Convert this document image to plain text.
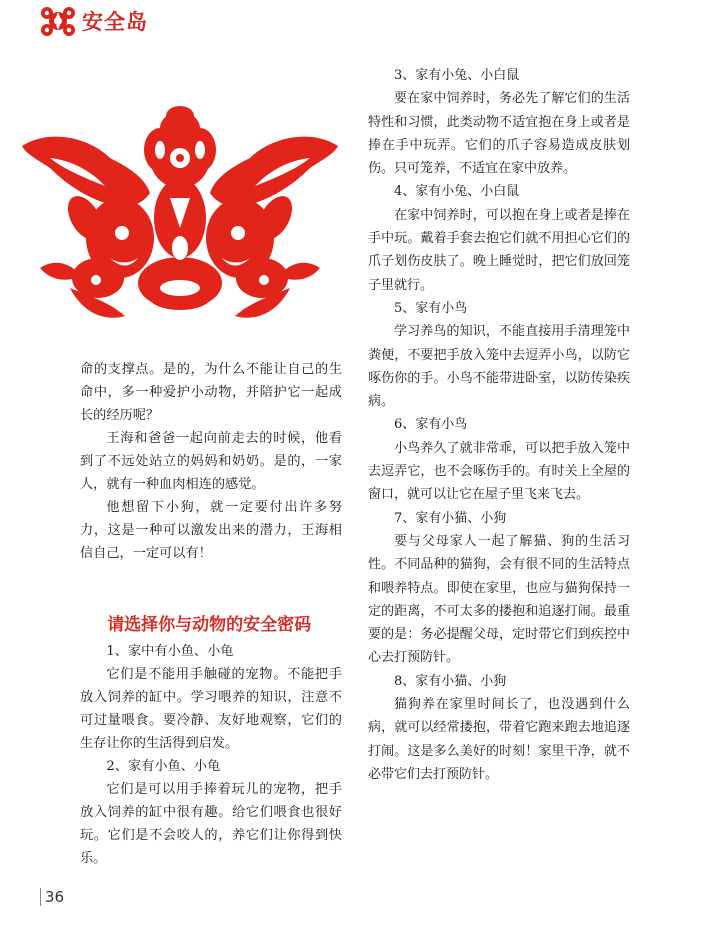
安全岛

命的支撑点。是的，为什么不能让自己的生命中，多一种爱护小动物，并陪护它一起成长的经历呢？

王海和爸爸一起向前走去的时候，他看到了不远处站立的妈妈和奶奶。是的，一家人，就有一种血肉相连的感觉。

他想留下小狗，就一定要付出许多努力，这是一种可以激发出来的潜力，王海相信自己，一定可以有！

请选择你与动物的安全密码

1、家中有小鱼、小龟

它们是不能用手触碰的宠物。不能把手放入饲养的缸中。学习喂养的知识，注意不可过量喂食。要冷静、友好地观察，它们的生存让你的生活得到启发。

2、家有小鱼、小龟

它们是可以用手捧着玩儿的宠物，把手放入饲养的缸中很有趣。给它们喂食也很好玩。它们是不会咬人的，养它们让你得到快乐。

3、家有小兔、小白鼠

要在家中饲养时，务必先了解它们的生活特性和习惯，此类动物不适宜抱在身上或者是捧在手中玩弄。它们的爪子容易造成皮肤划伤。只可笼养，不适宜在家中放养。

4、家有小兔、小白鼠

在家中饲养时，可以抱在身上或者是捧在手中玩。戴着手套去抱它们就不用担心它们的爪子划伤皮肤了。晚上睡觉时，把它们放回笼子里就行。

5、家有小鸟

学习养鸟的知识，不能直接用手清理笼中粪便，不要把手放入笼中去逗弄小鸟，以防它啄伤你的手。小鸟不能带进卧室，以防传染疾病。

6、家有小鸟

小鸟养久了就非常乖，可以把手放入笼中去逗弄它，也不会啄伤手的。有时关上全屋的窗口，就可以让它在屋子里飞来飞去。

7、家有小猫、小狗

要与父母家人一起了解猫、狗的生活习性。不同品种的猫狗，会有很不同的生活特点和喂养特点。即使在家里，也应与猫狗保持一定的距离，不可太多的搂抱和追逐打闹。最重要的是：务必提醒父母，定时带它们到疾控中心去打预防针。

8、家有小猫、小狗

猫狗养在家里时间长了，也没遇到什么病，就可以经常搂抱，带着它跑来跑去地追逐打闹。这是多么美好的时刻！家里干净，就不必带它们去打预防针。

36
